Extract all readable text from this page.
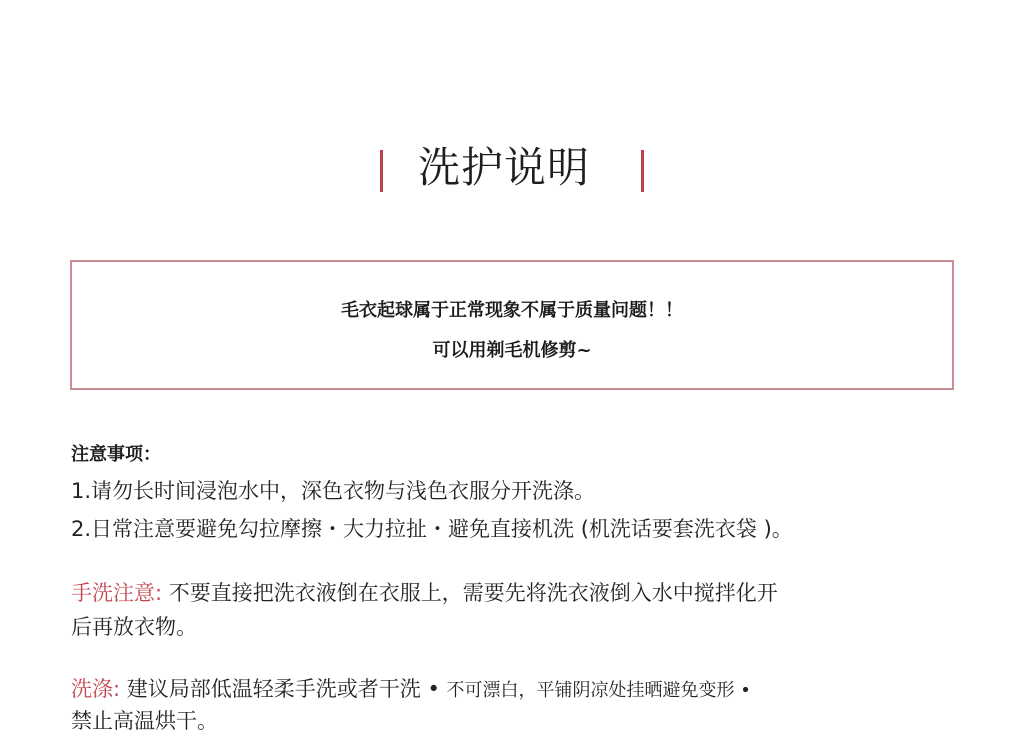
洗护说明
毛衣起球属于正常现象不属于质量问题！！
可以用剃毛机修剪~
注意事项：
1.请勿长时间浸泡水中，深色衣物与浅色衣服分开洗涤。
2.日常注意要避免勾拉摩擦・大力拉扯・避免直接机洗 (机洗话要套洗衣袋 )。
手洗注意: 不要直接把洗衣液倒在衣服上，需要先将洗衣液倒入水中搅拌化开
后再放衣物。
洗涤: 建议局部低温轻柔手洗或者干洗 • 不可漂白，平铺阴凉处挂晒避免变形 •
禁止高温烘干。
